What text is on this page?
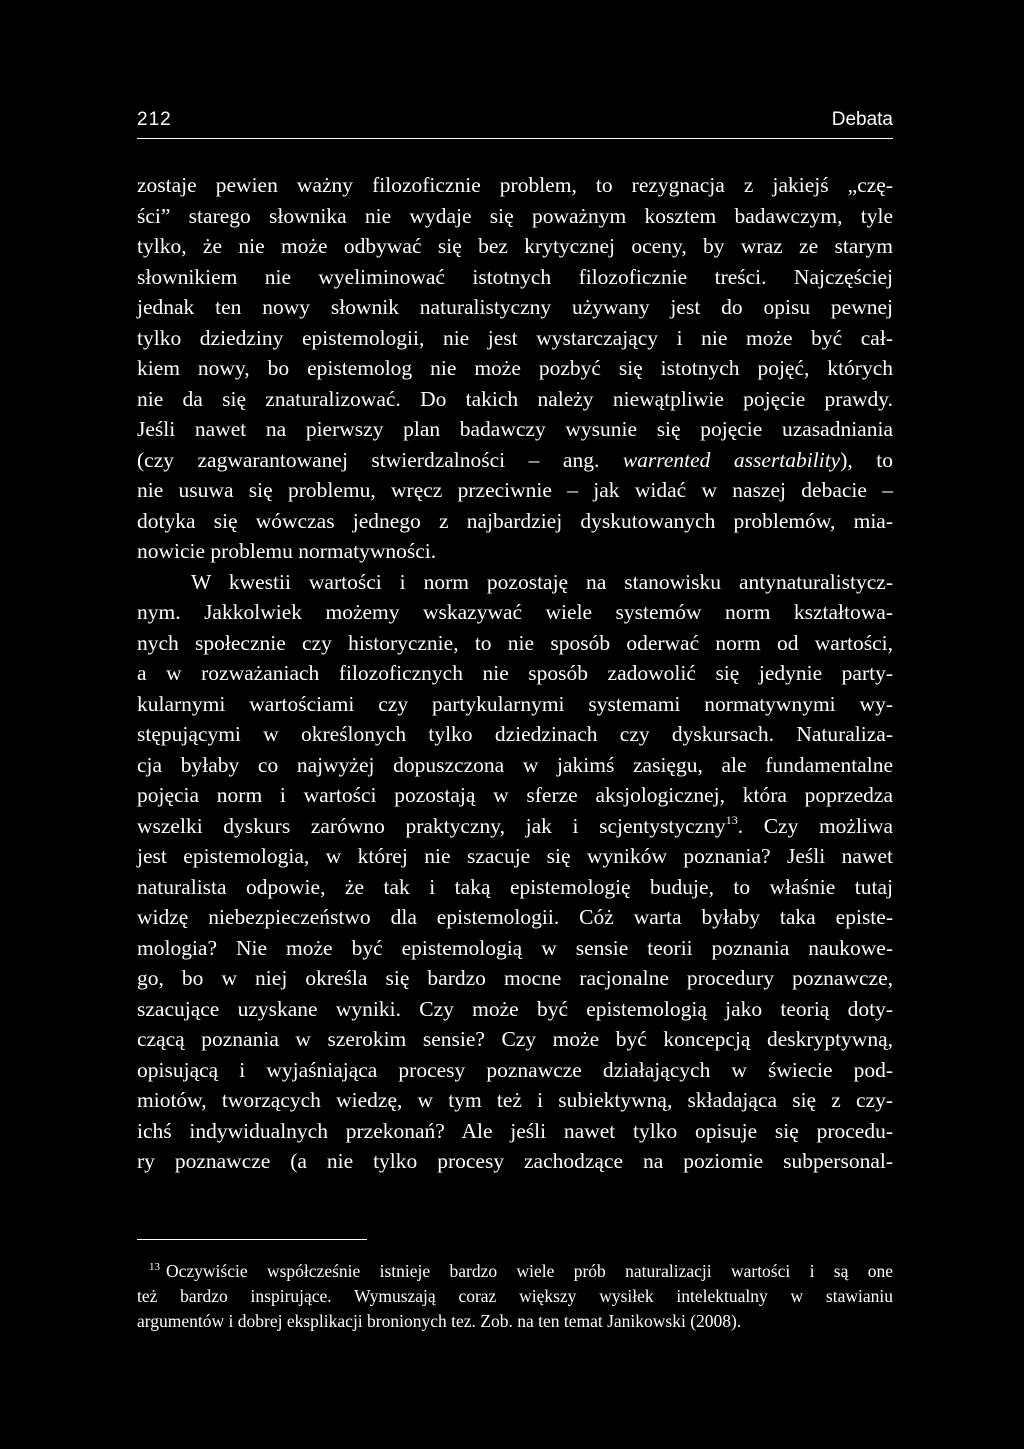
212	Debata
zostaje pewien ważny filozoficznie problem, to rezygnacja z jakiejś „czę-
ści” starego słownika nie wydaje się poważnym kosztem badawczym, tyle
tylko, że nie może odbywać się bez krytycznej oceny, by wraz ze starym
słownikiem nie wyeliminować istotnych filozoficznie treści. Najczęściej
jednak ten nowy słownik naturalistyczny używany jest do opisu pewnej
tylko dziedziny epistemologii, nie jest wystarczający i nie może być cał-
kiem nowy, bo epistemolog nie może pozbyć się istotnych pojęć, których
nie da się znaturalizować. Do takich należy niewątpliwie pojęcie prawdy.
Jeśli nawet na pierwszy plan badawczy wysunie się pojęcie uzasadniania
(czy zagwarantowanej stwierdzalności – ang. warrented assertability), to
nie usuwa się problemu, wręcz przeciwnie – jak widać w naszej debacie –
dotyka się wówczas jednego z najbardziej dyskutowanych problemów, mia-
nowicie problemu normatywności.
W kwestii wartości i norm pozostaję na stanowisku antynaturalistycz-
nym. Jakkolwiek możemy wskazywać wiele systemów norm kształtowa-
nych społecznie czy historycznie, to nie sposób oderwać norm od wartości,
a w rozważaniach filozoficznych nie sposób zadowolić się jedynie party-
kularnymi wartościami czy partykularnymi systemami normatywnymi wy-
stępującymi w określonych tylko dziedzinach czy dyskursach. Naturaliza-
cja byłaby co najwyżej dopuszczona w jakimś zasięgu, ale fundamentalne
pojęcia norm i wartości pozostają w sferze aksjologicznej, która poprzedza
wszelki dyskurs zarówno praktyczny, jak i scjentystyczny$^{13}$. Czy możliwa
jest epistemologia, w której nie szacuje się wyników poznania? Jeśli nawet
naturalista odpowie, że tak i taką epistemologię buduje, to właśnie tutaj
widzę niebezpieczeństwo dla epistemologii. Cóż warta byłaby taka episte-
mologia? Nie może być epistemologią w sensie teorii poznania naukowe-
go, bo w niej określa się bardzo mocne racjonalne procedury poznawcze,
szacujące uzyskane wyniki. Czy może być epistemologią jako teorią doty-
czącą poznania w szerokim sensie? Czy może być koncepcją deskryptywną,
opisującą i wyjaśniająca procesy poznawcze działających w świecie pod-
miotów, tworzących wiedzę, w tym też i subiektywną, składająca się z czy-
ichś indywidualnych przekonań? Ale jeśli nawet tylko opisuje się procedu-
ry poznawcze (a nie tylko procesy zachodzące na poziomie subpersonal-
$^{13}$ Oczywiście współcześnie istnieje bardzo wiele prób naturalizacji wartości i są one
też bardzo inspirujące. Wymuszają coraz większy wysiłek intelektualny w stawianiu
argumentów i dobrej eksplikacji bronionych tez. Zob. na ten temat Janikowski (2008).
